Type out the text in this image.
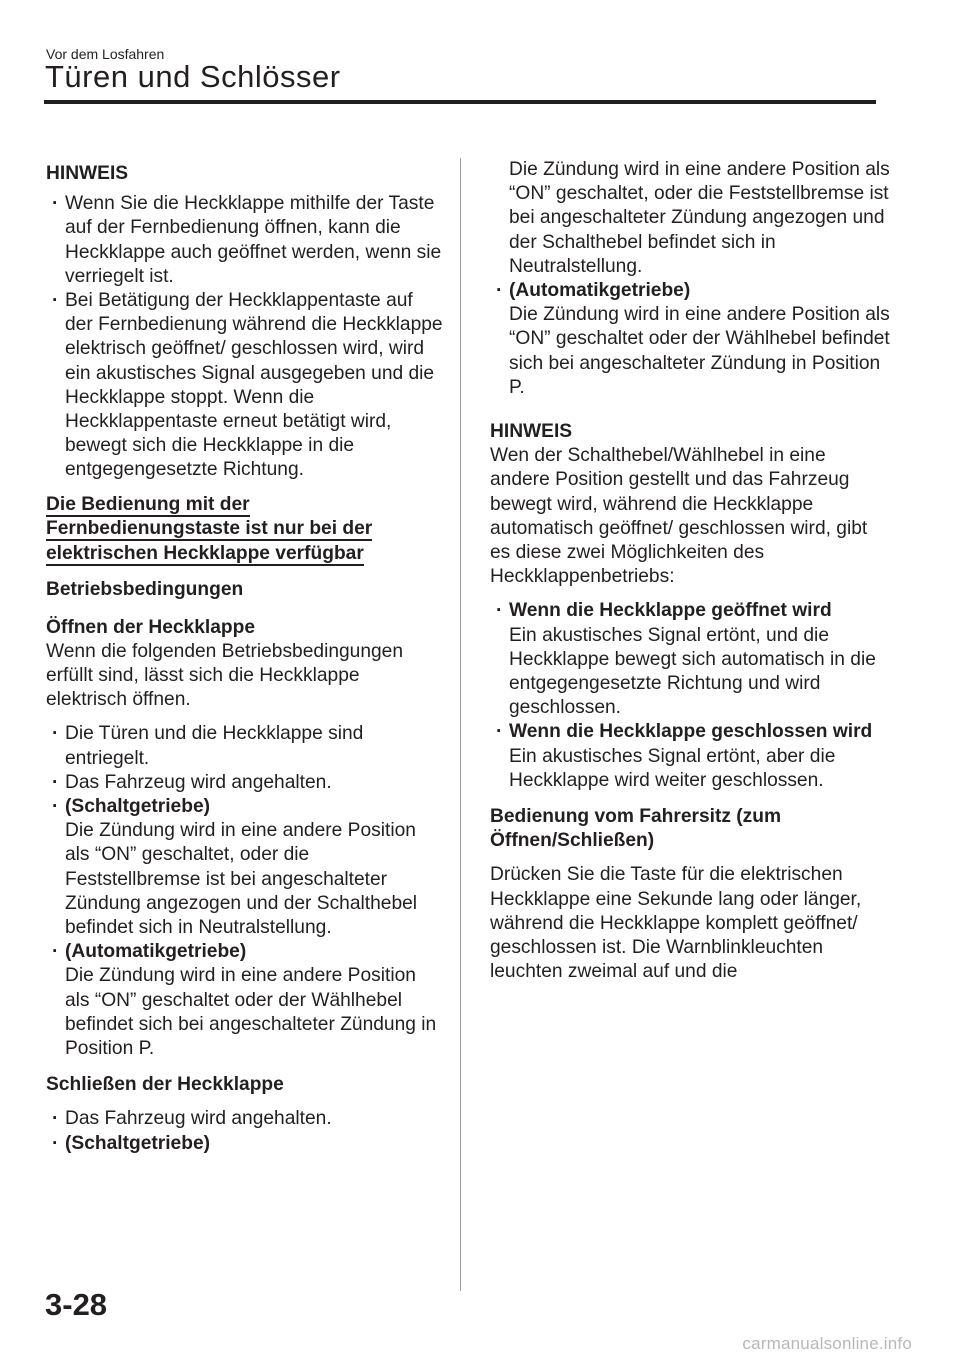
Vor dem Losfahren
Türen und Schlösser

HINWEIS

· Wenn Sie die Heckklappe mithilfe der Taste auf der Fernbedienung öffnen, kann die Heckklappe auch geöffnet werden, wenn sie verriegelt ist.

· Bei Betätigung der Heckklappentaste auf der Fernbedienung während die Heckklappe elektrisch geöffnet/ geschlossen wird, wird ein akustisches Signal ausgegeben und die Heckklappe stoppt. Wenn die Heckklappentaste erneut betätigt wird, bewegt sich die Heckklappe in die entgegengesetzte Richtung.

Die Bedienung mit der
Fernbedienungstaste ist nur bei der
elektrischen Heckklappe verfügbar

Betriebsbedingungen

Öffnen der Heckklappe

Wenn die folgenden Betriebsbedingungen erfüllt sind, lässt sich die Heckklappe elektrisch öffnen.

· Die Türen und die Heckklappe sind entriegelt.

· Das Fahrzeug wird angehalten.

· (Schaltgetriebe)
Die Zündung wird in eine andere Position als “ON” geschaltet, oder die Feststellbremse ist bei angeschalteter Zündung angezogen und der Schalthebel befindet sich in Neutralstellung.
· (Automatikgetriebe)
Die Zündung wird in eine andere Position als “ON” geschaltet oder der Wählhebel befindet sich bei angeschalteter Zündung in Position P.

Schließen der Heckklappe

· Das Fahrzeug wird angehalten.

· (Schaltgetriebe)
Die Zündung wird in eine andere Position als “ON” geschaltet, oder die Feststellbremse ist bei angeschalteter Zündung angezogen und der Schalthebel befindet sich in Neutralstellung.
· (Automatikgetriebe)
Die Zündung wird in eine andere Position als “ON” geschaltet oder der Wählhebel befindet sich bei angeschalteter Zündung in Position P.

HINWEIS

Wen der Schalthebel/Wählhebel in eine andere Position gestellt und das Fahrzeug bewegt wird, während die Heckklappe automatisch geöffnet/ geschlossen wird, gibt es diese zwei Möglichkeiten des Heckklappenbetriebs:

· Wenn die Heckklappe geöffnet wird
Ein akustisches Signal ertönt, und die Heckklappe bewegt sich automatisch in die entgegengesetzte Richtung und wird geschlossen.
· Wenn die Heckklappe geschlossen wird
Ein akustisches Signal ertönt, aber die Heckklappe wird weiter geschlossen.

Bedienung vom Fahrersitz (zum Öffnen/Schließen)

Drücken Sie die Taste für die elektrischen Heckklappe eine Sekunde lang oder länger, während die Heckklappe komplett geöffnet/ geschlossen ist. Die Warnblinkleuchten leuchten zweimal auf und die

3-28
carmanualsonline.info
